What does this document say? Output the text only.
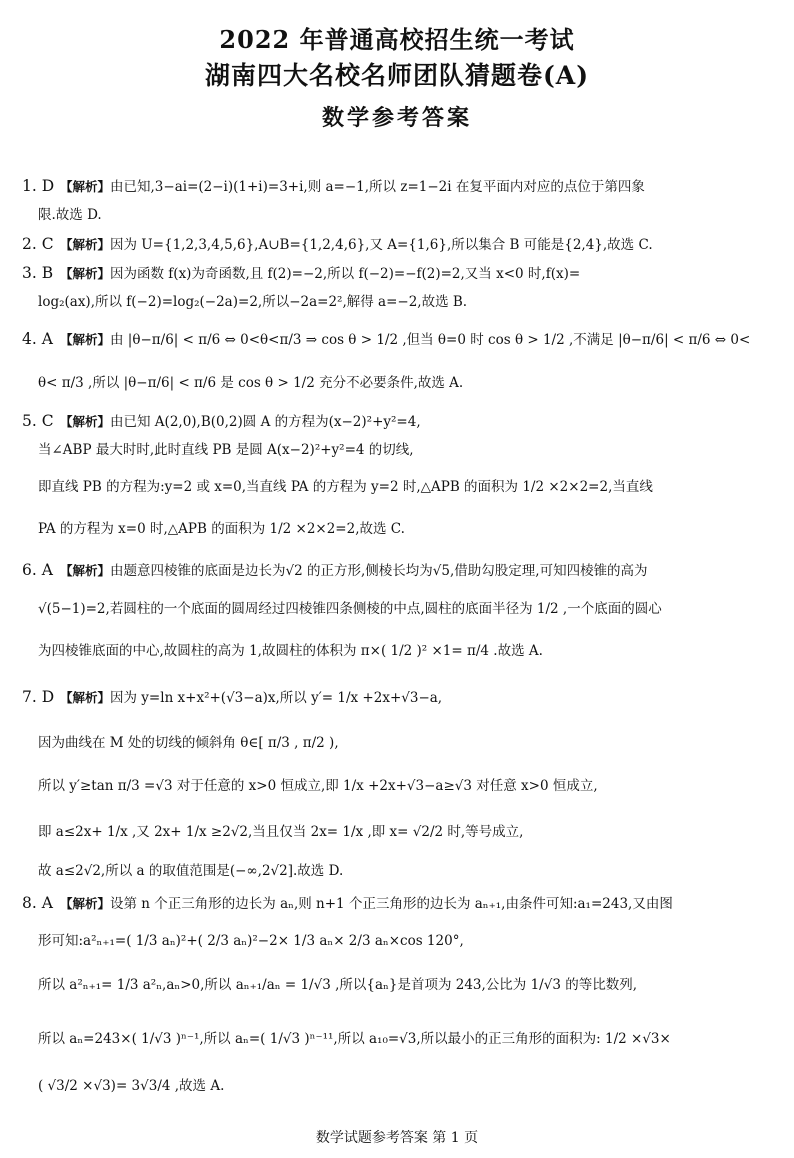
2022 年普通高校招生统一考试
湖南四大名校名师团队猜题卷(A)
数学参考答案
1. D 【解析】由已知,3−ai=(2−i)(1+i)=3+i,则 a=−1,所以 z=1−2i 在复平面内对应的点位于第四象
限.故选 D.
2. C 【解析】因为 U={1,2,3,4,5,6},A∪B={1,2,4,6},又 A={1,6},所以集合 B 可能是{2,4},故选 C.
3. B 【解析】因为函数 f(x)为奇函数,且 f(2)=−2,所以 f(−2)=−f(2)=2,又当 x<0 时,f(x)=
log₂(ax),所以 f(−2)=log₂(−2a)=2,所以−2a=2²,解得 a=−2,故选 B.
4. A 【解析】由 |θ−π/6| < π/6 ⇔ 0<θ<π/3 ⇒ cos θ > 1/2 ,但当 θ=0 时 cos θ > 1/2 ,不满足 |θ−π/6| < π/6 ⇔ 0<
θ< π/3 ,所以 |θ−π/6| < π/6 是 cos θ > 1/2 充分不必要条件,故选 A.
5. C 【解析】由已知 A(2,0),B(0,2)圆 A 的方程为(x−2)²+y²=4,
当∠ABP 最大时时,此时直线 PB 是圆 A(x−2)²+y²=4 的切线,
即直线 PB 的方程为:y=2 或 x=0,当直线 PA 的方程为 y=2 时,△APB 的面积为 1/2 ×2×2=2,当直线
PA 的方程为 x=0 时,△APB 的面积为 1/2 ×2×2=2,故选 C.
6. A 【解析】由题意四棱锥的底面是边长为√2 的正方形,侧棱长均为√5,借助勾股定理,可知四棱锥的高为
√(5−1)=2,若圆柱的一个底面的圆周经过四棱锥四条侧棱的中点,圆柱的底面半径为 1/2 ,一个底面的圆心
为四棱锥底面的中心,故圆柱的高为 1,故圆柱的体积为 π×( 1/2 )² ×1= π/4 .故选 A.
7. D 【解析】因为 y=ln x+x²+(√3−a)x,所以 y′= 1/x +2x+√3−a,
因为曲线在 M 处的切线的倾斜角 θ∈[ π/3 , π/2 ),
所以 y′≥tan π/3 =√3 对于任意的 x>0 恒成立,即 1/x +2x+√3−a≥√3 对任意 x>0 恒成立,
即 a≤2x+ 1/x ,又 2x+ 1/x ≥2√2,当且仅当 2x= 1/x ,即 x= √2/2 时,等号成立,
故 a≤2√2,所以 a 的取值范围是(−∞,2√2].故选 D.
8. A 【解析】设第 n 个正三角形的边长为 aₙ,则 n+1 个正三角形的边长为 aₙ₊₁,由条件可知:a₁=243,又由图
形可知:a²ₙ₊₁=( 1/3 aₙ)²+( 2/3 aₙ)²−2× 1/3 aₙ× 2/3 aₙ×cos 120°,
所以 a²ₙ₊₁= 1/3 a²ₙ,aₙ>0,所以 aₙ₊₁/aₙ = 1/√3 ,所以{aₙ}是首项为 243,公比为 1/√3 的等比数列,
所以 aₙ=243×( 1/√3 )ⁿ⁻¹,所以 aₙ=( 1/√3 )ⁿ⁻¹¹,所以 a₁₀=√3,所以最小的正三角形的面积为: 1/2 ×√3×
( √3/2 ×√3)= 3√3/4 ,故选 A.
数学试题参考答案 第 1 页
